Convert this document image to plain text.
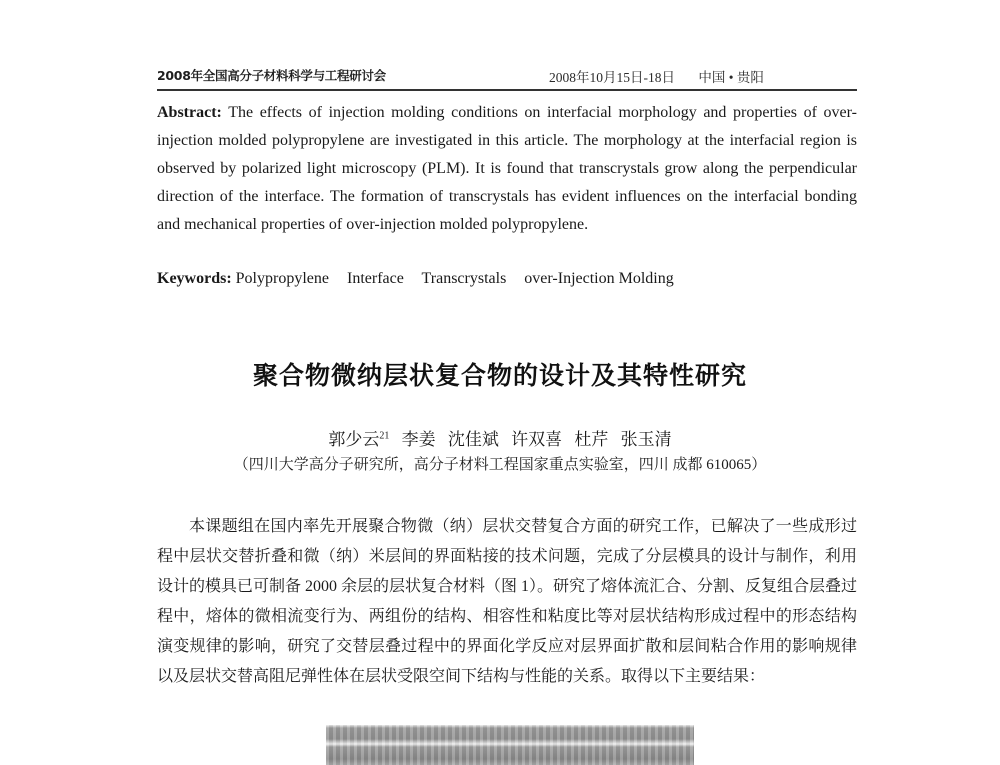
2008年全国高分子材料科学与工程研讨会	2008年10月15日-18日 中国 • 贵阳
Abstract: The effects of injection molding conditions on interfacial morphology and properties of over-injection molded polypropylene are investigated in this article. The morphology at the interfacial region is observed by polarized light microscopy (PLM). It is found that transcrystals grow along the perpendicular direction of the interface. The formation of transcrystals has evident influences on the interfacial bonding and mechanical properties of over-injection molded polypropylene.
Keywords: Polypropylene Interface Transcrystals over-Injection Molding
聚合物微纳层状复合物的设计及其特性研究
郭少云$^{21}$ 李姜 沈佳斌 许双喜 杜芹 张玉清
（四川大学高分子研究所，高分子材料工程国家重点实验室，四川 成都 610065）

本课题组在国内率先开展聚合物微（纳）层状交替复合方面的研究工作，已解决了一些成形过程中层状交替折叠和微（纳）米层间的界面粘接的技术问题，完成了分层模具的设计与制作，利用设计的模具已可制备 2000 余层的层状复合材料（图 1）。研究了熔体流汇合、分割、反复组合层叠过程中，熔体的微相流变行为、两组份的结构、相容性和粘度比等对层状结构形成过程中的形态结构演变规律的影响，研究了交替层叠过程中的界面化学反应对层界面扩散和层间粘合作用的影响规律以及层状交替高阻尼弹性体在层状受限空间下结构与性能的关系。取得以下主要结果：
